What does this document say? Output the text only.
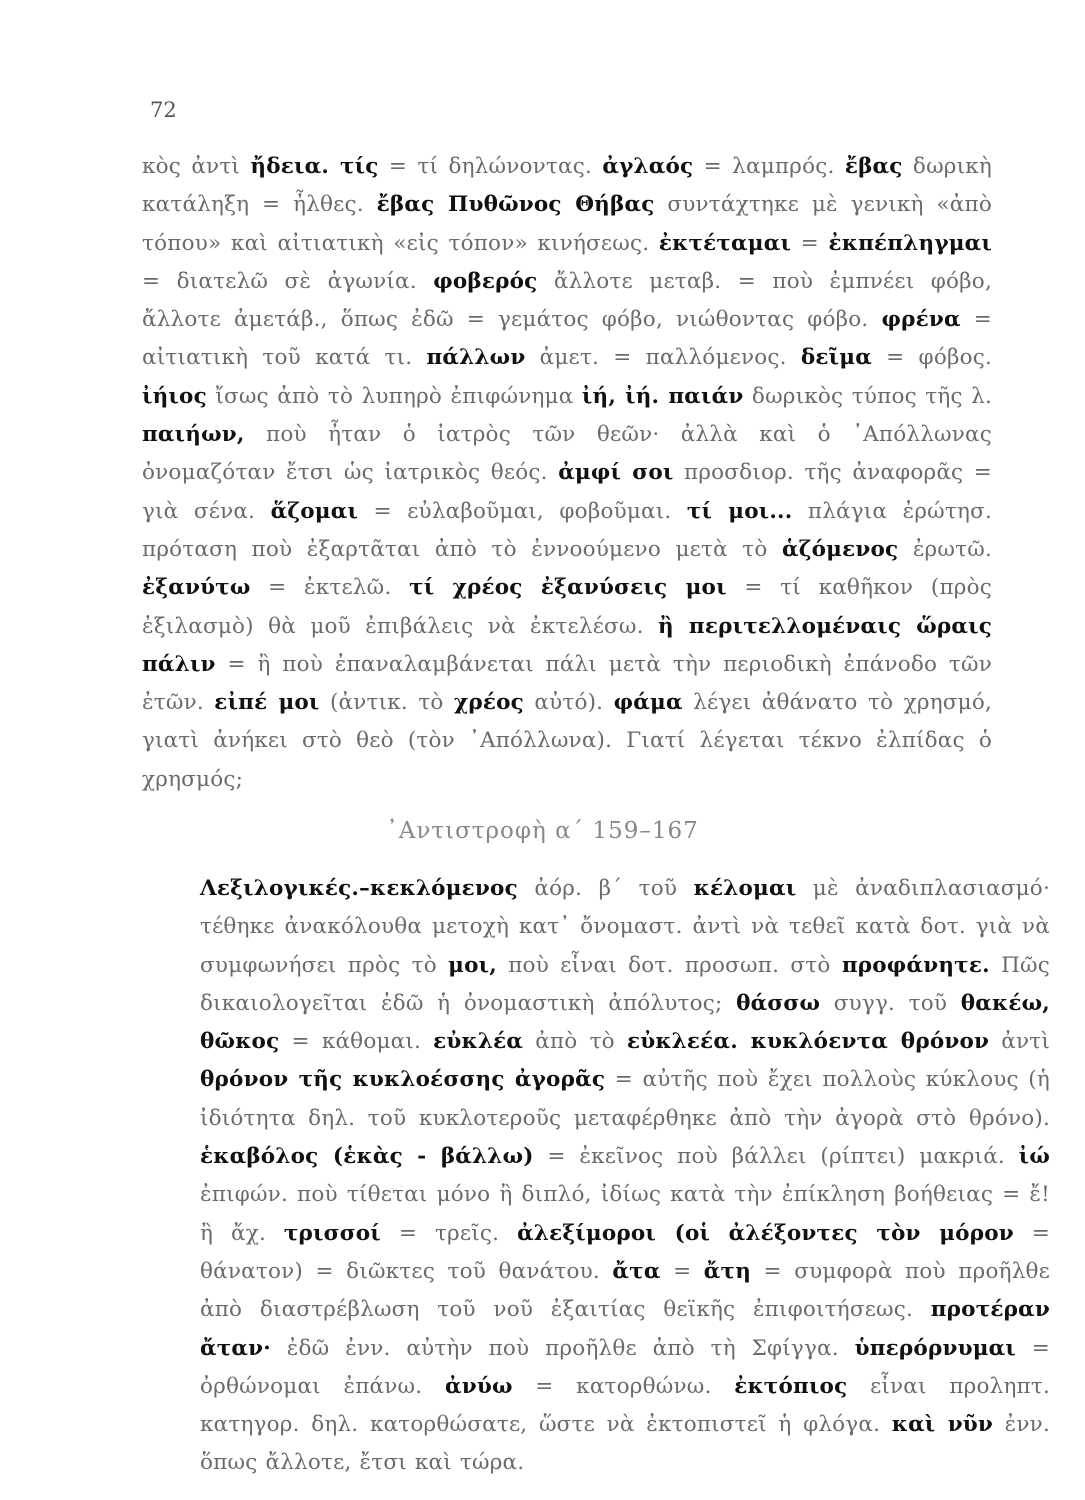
72
κὸς ἀντὶ ἤδεια. τίς = τί δηλώνοντας. ἀγλαός = λαμπρός. ἔβας δωρικὴ κατάληξη = ἦλθες. ἔβας Πυθῶνος Θήβας συντάχτηκε μὲ γενικὴ «ἀπὸ τόπου» καὶ αἰτιατικὴ «εἰς τόπον» κινήσεως. ἐκτέταμαι = ἐκπέπληγμαι = διατελῶ σὲ ἀγωνία. φοβερός ἄλλοτε μεταβ. = ποὺ ἐμπνέει φόβο, ἄλλοτε ἀμετάβ., ὅπως ἐδῶ = γεμάτος φόβο, νιώθοντας φόβο. φρένα = αἰτιατικὴ τοῦ κατά τι. πάλλων ἀμετ. = παλλόμενος. δεῖμα = φόβος. ἰήιος ἴσως ἀπὸ τὸ λυπηρὸ ἐπιφώνημα ἰή, ἰή. παιάν δωρικὸς τύπος τῆς λ. παιήων, ποὺ ἦταν ὁ ἰατρὸς τῶν θεῶν· ἀλλὰ καὶ ὁ ᾿Απόλλωνας ὀνομαζόταν ἔτσι ὡς ἰατρικὸς θεός. ἀμφί σοι προσδιορ. τῆς ἀναφορᾶς = γιὰ σένα. ἅζομαι = εὐλαβοῦμαι, φοβοῦμαι. τί μοι... πλάγια ἐρώτησ. πρόταση ποὺ ἐξαρτᾶται ἀπὸ τὸ ἐννοούμενο μετὰ τὸ ἁζόμενος ἐρωτῶ. ἐξανύτω = ἐκτελῶ. τί χρέος ἐξανύσεις μοι = τί καθῆκον (πρὸς ἐξιλασμὸ) θὰ μοῦ ἐπιβάλεις νὰ ἐκτελέσω. ἢ περιτελλομέναις ὥραις πάλιν = ἢ ποὺ ἐπαναλαμβάνεται πάλι μετὰ τὴν περιοδικὴ ἐπάνοδο τῶν ἐτῶν. εἰπέ μοι (ἀντικ. τὸ χρέος αὐτό). φάμα λέγει ἀθάνατο τὸ χρησμό, γιατὶ ἀνήκει στὸ θεὸ (τὸν ᾿Απόλλωνα). Γιατί λέγεται τέκνο ἐλπίδας ὁ χρησμός;
᾿Αντιστροφὴ α´ 159–167
Λεξιλογικές.–κεκλόμενος ἀόρ. β´ τοῦ κέλομαι μὲ ἀναδιπλασιασμό· τέθηκε ἀνακόλουθα μετοχὴ κατ᾿ ὄνομαστ. ἀντὶ νὰ τεθεῖ κατὰ δοτ. γιὰ νὰ συμφωνήσει πρὸς τὸ μοι, ποὺ εἶναι δοτ. προσωπ. στὸ προφάνητε. Πῶς δικαιολογεῖται ἐδῶ ἡ ὀνομαστικὴ ἀπόλυτος; θάσσω συγγ. τοῦ θακέω, θῶκος = κάθομαι. εὐκλέα ἀπὸ τὸ εὐκλεέα. κυκλόεντα θρόνον ἀντὶ θρόνον τῆς κυκλοέσσης ἀγορᾶς = αὐτῆς ποὺ ἔχει πολλοὺς κύκλους (ἡ ἰδιότητα δηλ. τοῦ κυκλοτεροῦς μεταφέρθηκε ἀπὸ τὴν ἀγορὰ στὸ θρόνο). ἑκαβόλος (ἑκὰς - βάλλω) = ἐκεῖνος ποὺ βάλλει (ρίπτει) μακριά. ἰώ ἐπιφών. ποὺ τίθεται μόνο ἢ διπλό, ἰδίως κατὰ τὴν ἐπίκληση βοήθειας = ἔ! ἢ ἄχ. τρισσοί = τρεῖς. ἀλεξίμοροι (οἱ ἀλέξοντες τὸν μόρον = θάνατον) = διῶκτες τοῦ θανάτου. ἄτα = ἄτη = συμφορὰ ποὺ προῆλθε ἀπὸ διαστρέβλωση τοῦ νοῦ ἐξαιτίας θεϊκῆς ἐπιφοιτήσεως. προτέραν ἄταν· ἐδῶ ἐνν. αὐτὴν ποὺ προῆλθε ἀπὸ τὴ Σφίγγα. ὑπερόρνυμαι = ὀρθώνομαι ἐπάνω. ἀνύω = κατορθώνω. ἐκτόπιος εἶναι προληπτ. κατηγορ. δηλ. κατορθώσατε, ὥστε νὰ ἐκτοπιστεῖ ἡ φλόγα. καὶ νῦν ἐνν. ὅπως ἄλλοτε, ἔτσι καὶ τώρα.
